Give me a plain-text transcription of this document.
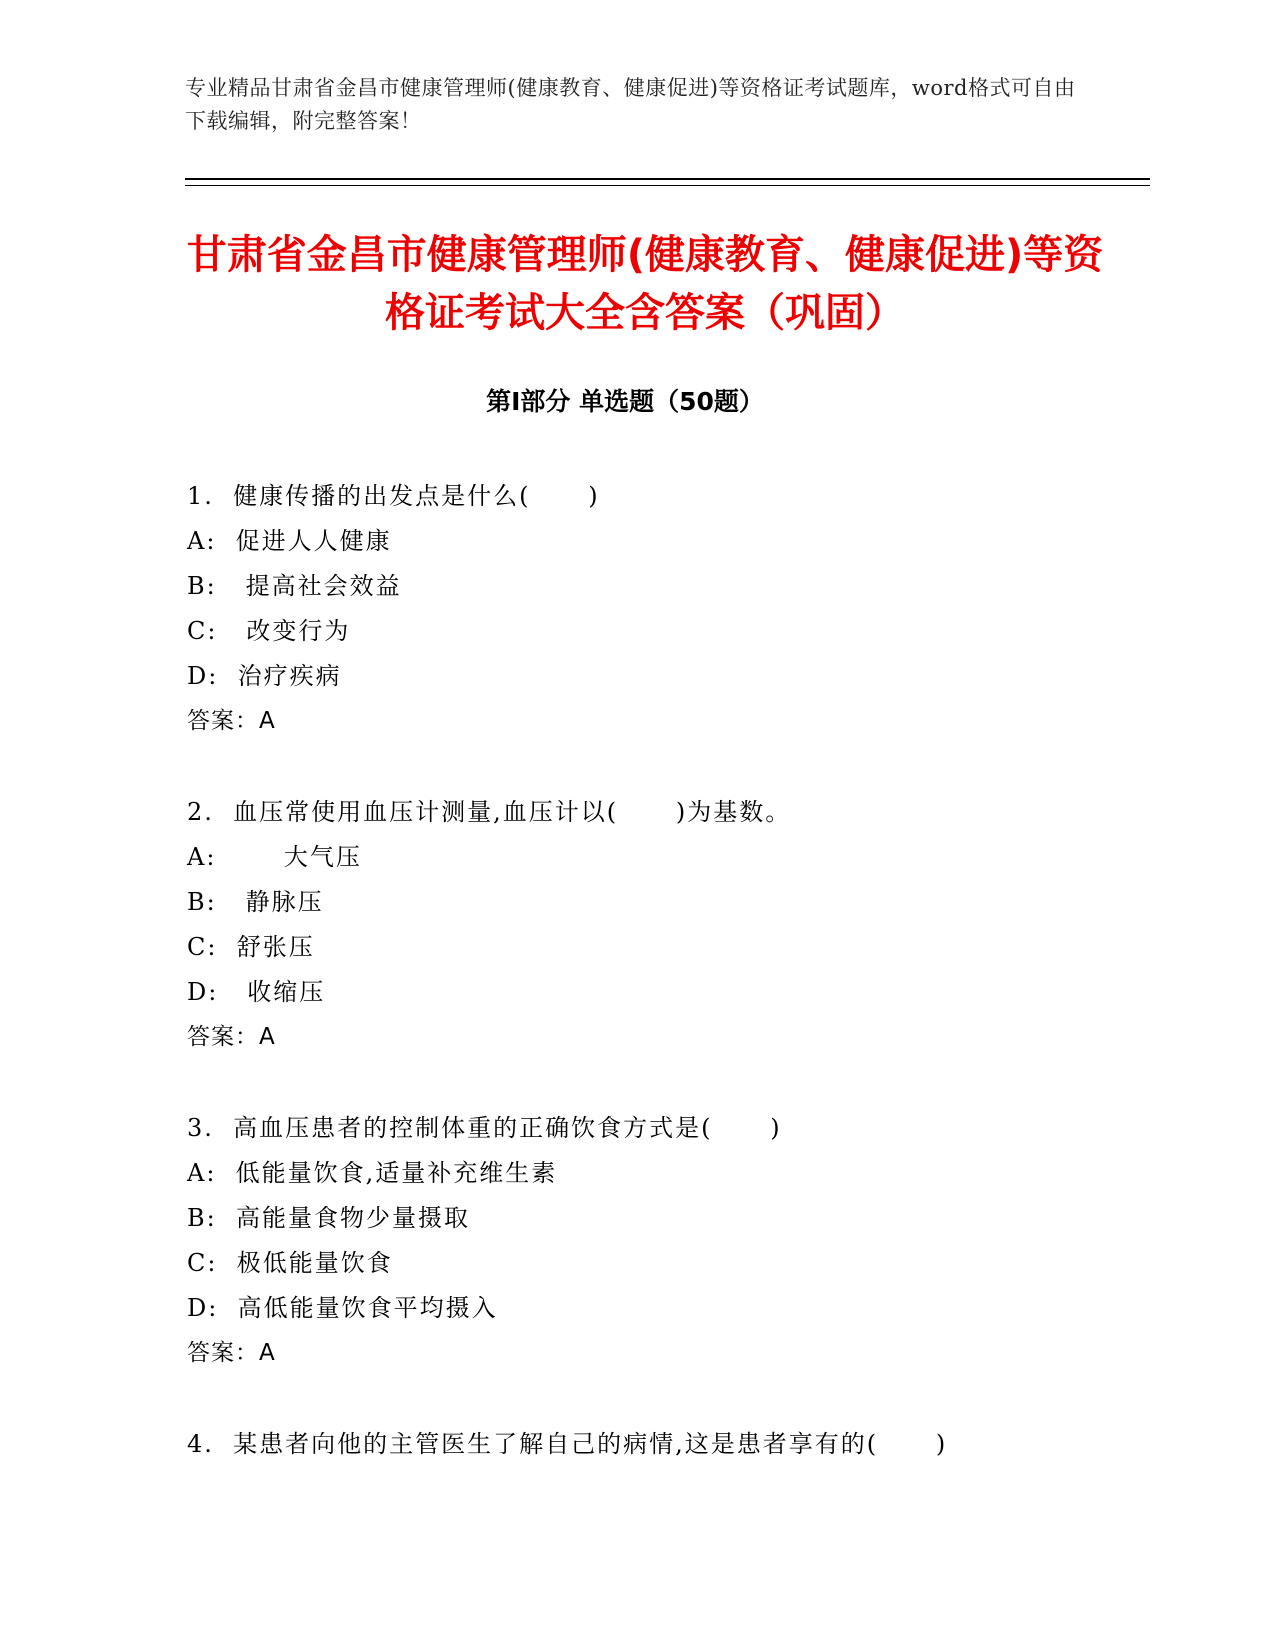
专业精品甘肃省金昌市健康管理师(健康教育、健康促进)等资格证考试题库，word格式可自由下载编辑，附完整答案！
甘肃省金昌市健康管理师(健康教育、健康促进)等资格证考试大全含答案（巩固）
第Ⅰ部分 单选题（50题）
1.  健康传播的出发点是什么(      )
A:  促进人人健康
B:   提高社会效益
C:   改变行为
D:  治疗疾病
答案：A
2.  血压常使用血压计测量,血压计以(      )为基数。
A:       大气压
B:   静脉压
C:  舒张压
D:   收缩压
答案：A
3.  高血压患者的控制体重的正确饮食方式是(      )
A:  低能量饮食,适量补充维生素
B:  高能量食物少量摄取
C:  极低能量饮食
D:  高低能量饮食平均摄入
答案：A
4.  某患者向他的主管医生了解自己的病情,这是患者享有的(      )
